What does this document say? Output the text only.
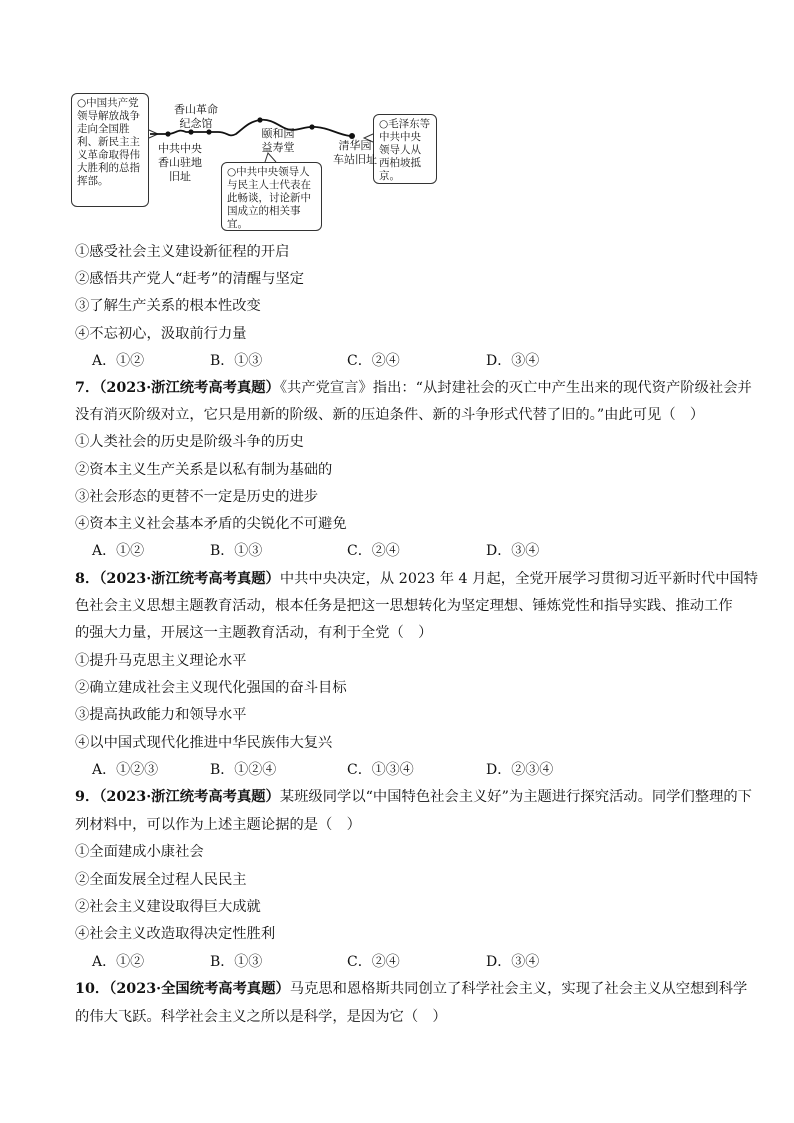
○中国共产党领导解放战争走向全国胜利、新民主主义革命取得伟大胜利的总指挥部。
○中共中央领导人与民主人士代表在此畅谈，讨论新中国成立的相关事宜。
○毛泽东等中共中央领导人从西柏坡抵京。
中共中央
香山驻地
旧址
香山革命
纪念馆
颐和园
益寿堂	清华园
车站旧址
①感受社会主义建设新征程的开启
②感悟共产党人“赶考”的清醒与坚定
③了解生产关系的根本性改变
④不忘初心，汲取前行力量
A．①②	B．①③	C．②④	D．③④
7．（2023·浙江统考高考真题）《共产党宣言》指出：“从封建社会的灭亡中产生出来的现代资产阶级社会并
没有消灭阶级对立，它只是用新的阶级、新的压迫条件、新的斗争形式代替了旧的。”由此可见（　）
①人类社会的历史是阶级斗争的历史
②资本主义生产关系是以私有制为基础的
③社会形态的更替不一定是历史的进步
④资本主义社会基本矛盾的尖锐化不可避免
A．①②	B．①③	C．②④	D．③④
8．（2023·浙江统考高考真题）中共中央决定，从 2023 年 4 月起，全党开展学习贯彻习近平新时代中国特
色社会主义思想主题教育活动，根本任务是把这一思想转化为坚定理想、锤炼党性和指导实践、推动工作
的强大力量，开展这一主题教育活动，有利于全党（　）
①提升马克思主义理论水平
②确立建成社会主义现代化强国的奋斗目标
③提高执政能力和领导水平
④以中国式现代化推进中华民族伟大复兴
A．①②③	B．①②④	C．①③④	D．②③④
9．（2023·浙江统考高考真题）某班级同学以“中国特色社会主义好”为主题进行探究活动。同学们整理的下
列材料中，可以作为上述主题论据的是（　）
①全面建成小康社会
②全面发展全过程人民民主
②社会主义建设取得巨大成就
④社会主义改造取得决定性胜利
A．①②	B．①③	C．②④	D．③④
10．（2023·全国统考高考真题）马克思和恩格斯共同创立了科学社会主义，实现了社会主义从空想到科学
的伟大飞跃。科学社会主义之所以是科学，是因为它（　）
